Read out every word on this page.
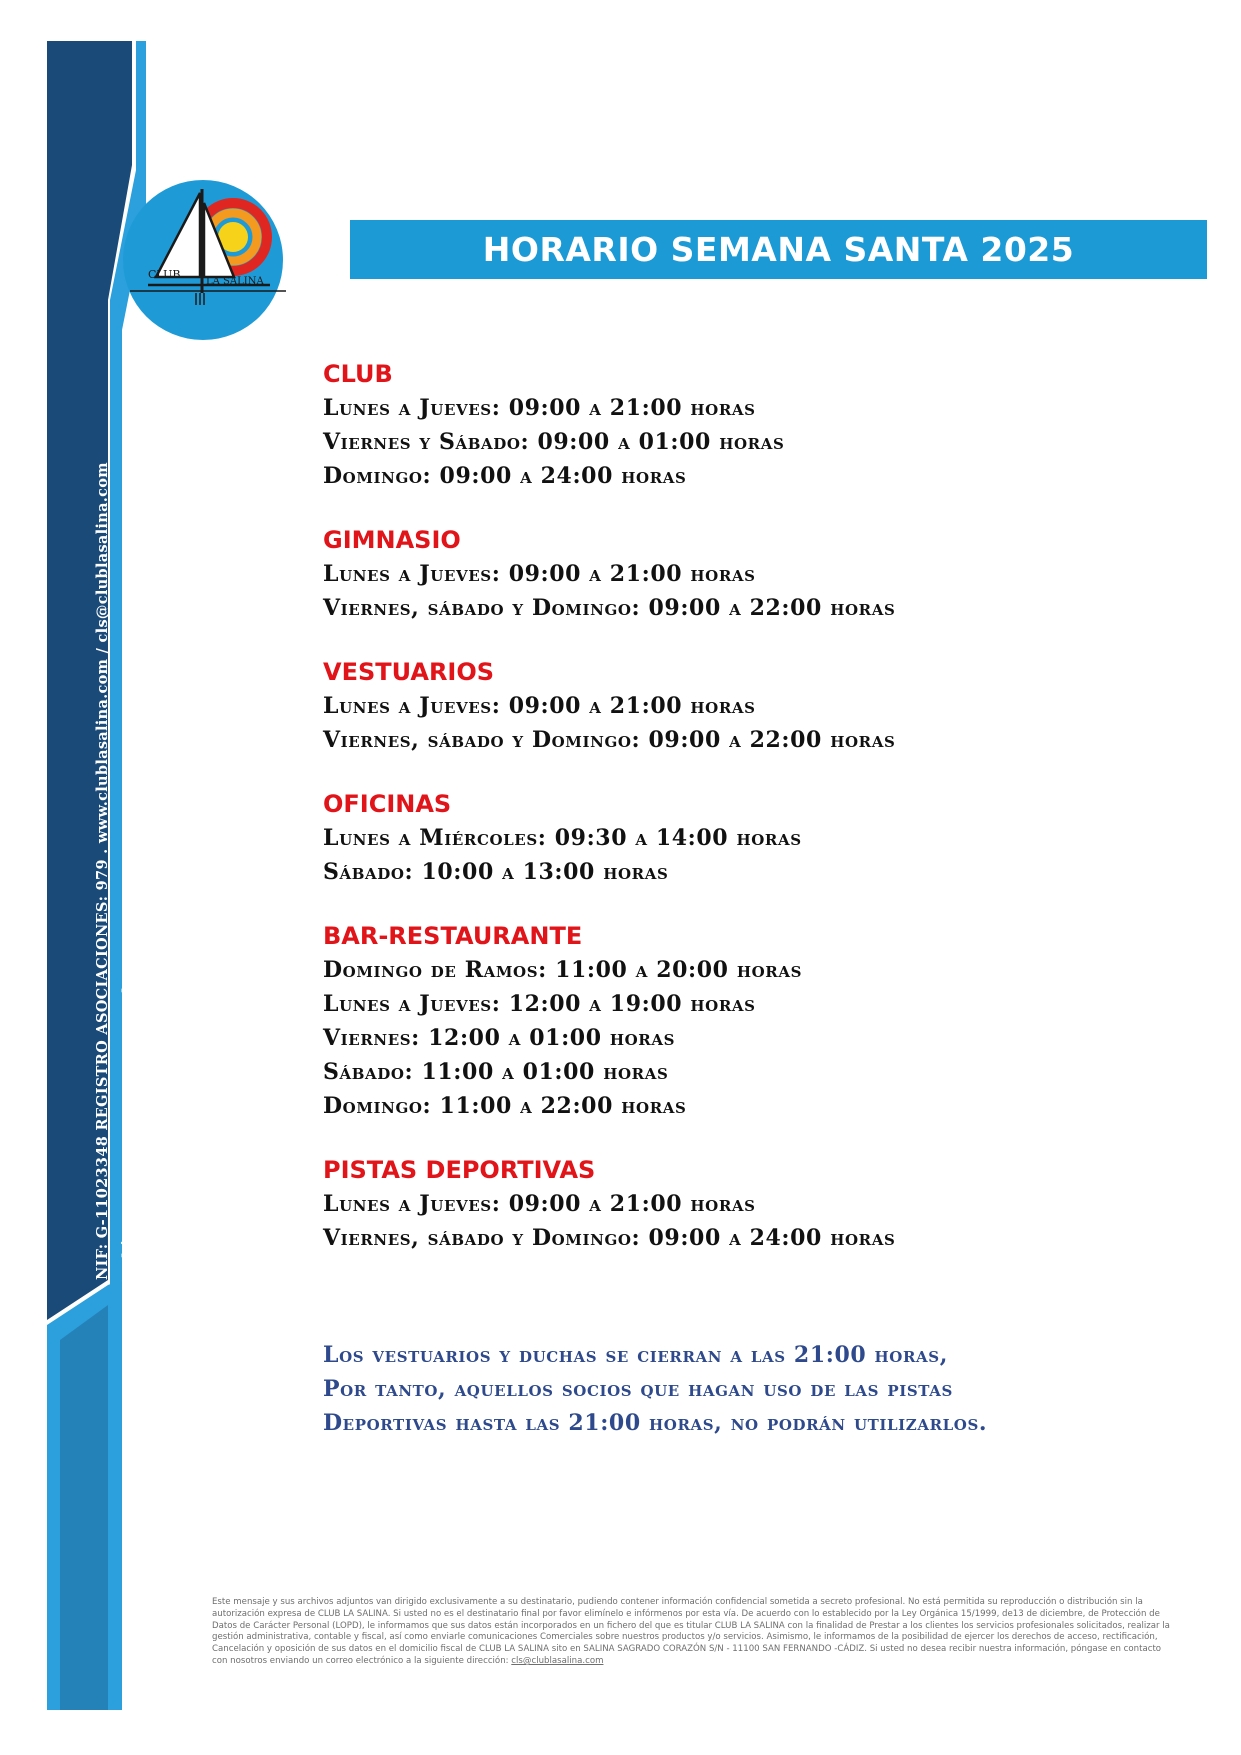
NIF: G-11023348 REGISTRO ASOCIACIONES: 979 . www.clublasalina.com / cls@clublasalina.com Bahía Sur s/n / 11100 San Fernando/ 956 893 090 - 658 949 655
CLUB
LA SALINA
HORARIO SEMANA SANTA 2025
CLUB
Lunes a Jueves: 09:00 a 21:00 horas
Viernes y Sábado: 09:00 a 01:00 horas
Domingo: 09:00 a 24:00 horas
GIMNASIO
Lunes a Jueves: 09:00 a 21:00 horas
Viernes, sábado y Domingo: 09:00 a 22:00 horas
VESTUARIOS
Lunes a Jueves: 09:00 a 21:00 horas
Viernes, sábado y Domingo: 09:00 a 22:00 horas
OFICINAS
Lunes a Miércoles: 09:30 a 14:00 horas
Sábado: 10:00 a 13:00 horas
BAR-RESTAURANTE
Domingo de Ramos: 11:00 a 20:00 horas
Lunes a Jueves: 12:00 a 19:00 horas
Viernes: 12:00 a 01:00 horas
Sábado: 11:00 a 01:00 horas
Domingo: 11:00 a 22:00 horas
PISTAS DEPORTIVAS
Lunes a Jueves: 09:00 a 21:00 horas
Viernes, sábado y Domingo: 09:00 a 24:00 horas
Los vestuarios y duchas se cierran a las 21:00 horas,
Por tanto, aquellos socios que hagan uso de las pistas
Deportivas hasta las 21:00 horas, no podrán utilizarlos.
Este mensaje y sus archivos adjuntos van dirigido exclusivamente a su destinatario, pudiendo contener información confidencial sometida a secreto profesional. No está permitida su reproducción o distribución sin la autorización expresa de CLUB LA SALINA. Si usted no es el destinatario final por favor elimínelo e infórmenos por esta vía. De acuerdo con lo establecido por la Ley Orgánica 15/1999, de13 de diciembre, de Protección de Datos de Carácter Personal (LOPD), le informamos que sus datos están incorporados en un fichero del que es titular CLUB LA SALINA con la finalidad de Prestar a los clientes los servicios profesionales solicitados, realizar la gestión administrativa, contable y fiscal, así como enviarle comunicaciones Comerciales sobre nuestros productos y/o servicios. Asimismo, le informamos de la posibilidad de ejercer los derechos de acceso, rectificación, Cancelación y oposición de sus datos en el domicilio fiscal de CLUB LA SALINA sito en SALINA SAGRADO CORAZÓN S/N - 11100 SAN FERNANDO -CÁDIZ. Si usted no desea recibir nuestra información, póngase en contacto con nosotros enviando un correo electrónico a la siguiente dirección: cls@clublasalina.com
